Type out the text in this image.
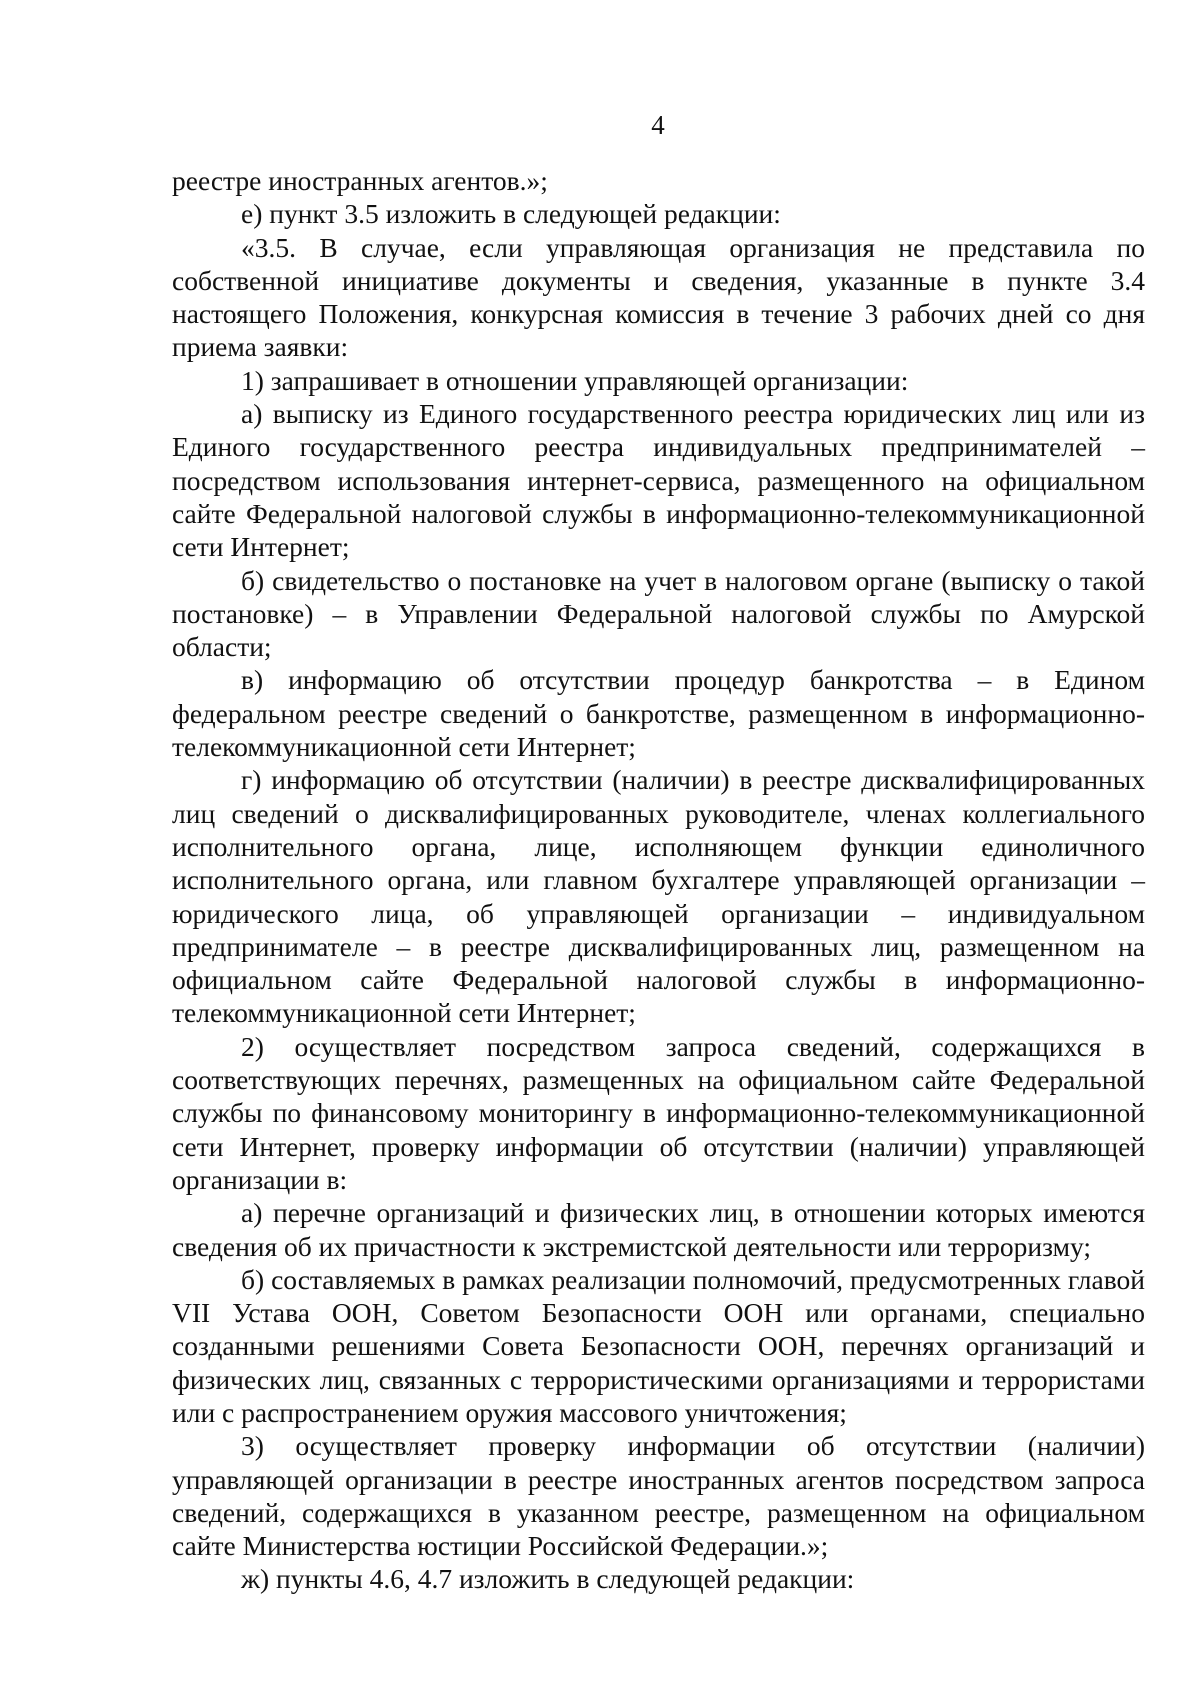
4

реестре иностранных агентов.»;

е) пункт 3.5 изложить в следующей редакции:

«3.5. В случае, если управляющая организация не представила по собственной инициативе документы и сведения, указанные в пункте 3.4 настоящего Положения, конкурсная комиссия в течение 3 рабочих дней со дня приема заявки:

1) запрашивает в отношении управляющей организации:

а) выписку из Единого государственного реестра юридических лиц или из Единого государственного реестра индивидуальных предпринимателей – посредством использования интернет-сервиса, размещенного на официальном сайте Федеральной налоговой службы в информационно-телекоммуникационной сети Интернет;

б) свидетельство о постановке на учет в налоговом органе (выписку о такой постановке) – в Управлении Федеральной налоговой службы по Амурской области;

в) информацию об отсутствии процедур банкротства – в Едином федеральном реестре сведений о банкротстве, размещенном в информационно-телекоммуникационной сети Интернет;

г) информацию об отсутствии (наличии) в реестре дисквалифицированных лиц сведений о дисквалифицированных руководителе, членах коллегиального исполнительного органа, лице, исполняющем функции единоличного исполнительного органа, или главном бухгалтере управляющей организации – юридического лица, об управляющей организации – индивидуальном предпринимателе – в реестре дисквалифицированных лиц, размещенном на официальном сайте Федеральной налоговой службы в информационно-телекоммуникационной сети Интернет;

2) осуществляет посредством запроса сведений, содержащихся в соответствующих перечнях, размещенных на официальном сайте Федеральной службы по финансовому мониторингу в информационно-телекоммуникационной сети Интернет, проверку информации об отсутствии (наличии) управляющей организации в:

а) перечне организаций и физических лиц, в отношении которых имеются сведения об их причастности к экстремистской деятельности или терроризму;

б) составляемых в рамках реализации полномочий, предусмотренных главой VII Устава ООН, Советом Безопасности ООН или органами, специально созданными решениями Совета Безопасности ООН, перечнях организаций и физических лиц, связанных с террористическими организациями и террористами или с распространением оружия массового уничтожения;

3) осуществляет проверку информации об отсутствии (наличии) управляющей организации в реестре иностранных агентов посредством запроса сведений, содержащихся в указанном реестре, размещенном на официальном сайте Министерства юстиции Российской Федерации.»;

ж) пункты 4.6, 4.7 изложить в следующей редакции:
